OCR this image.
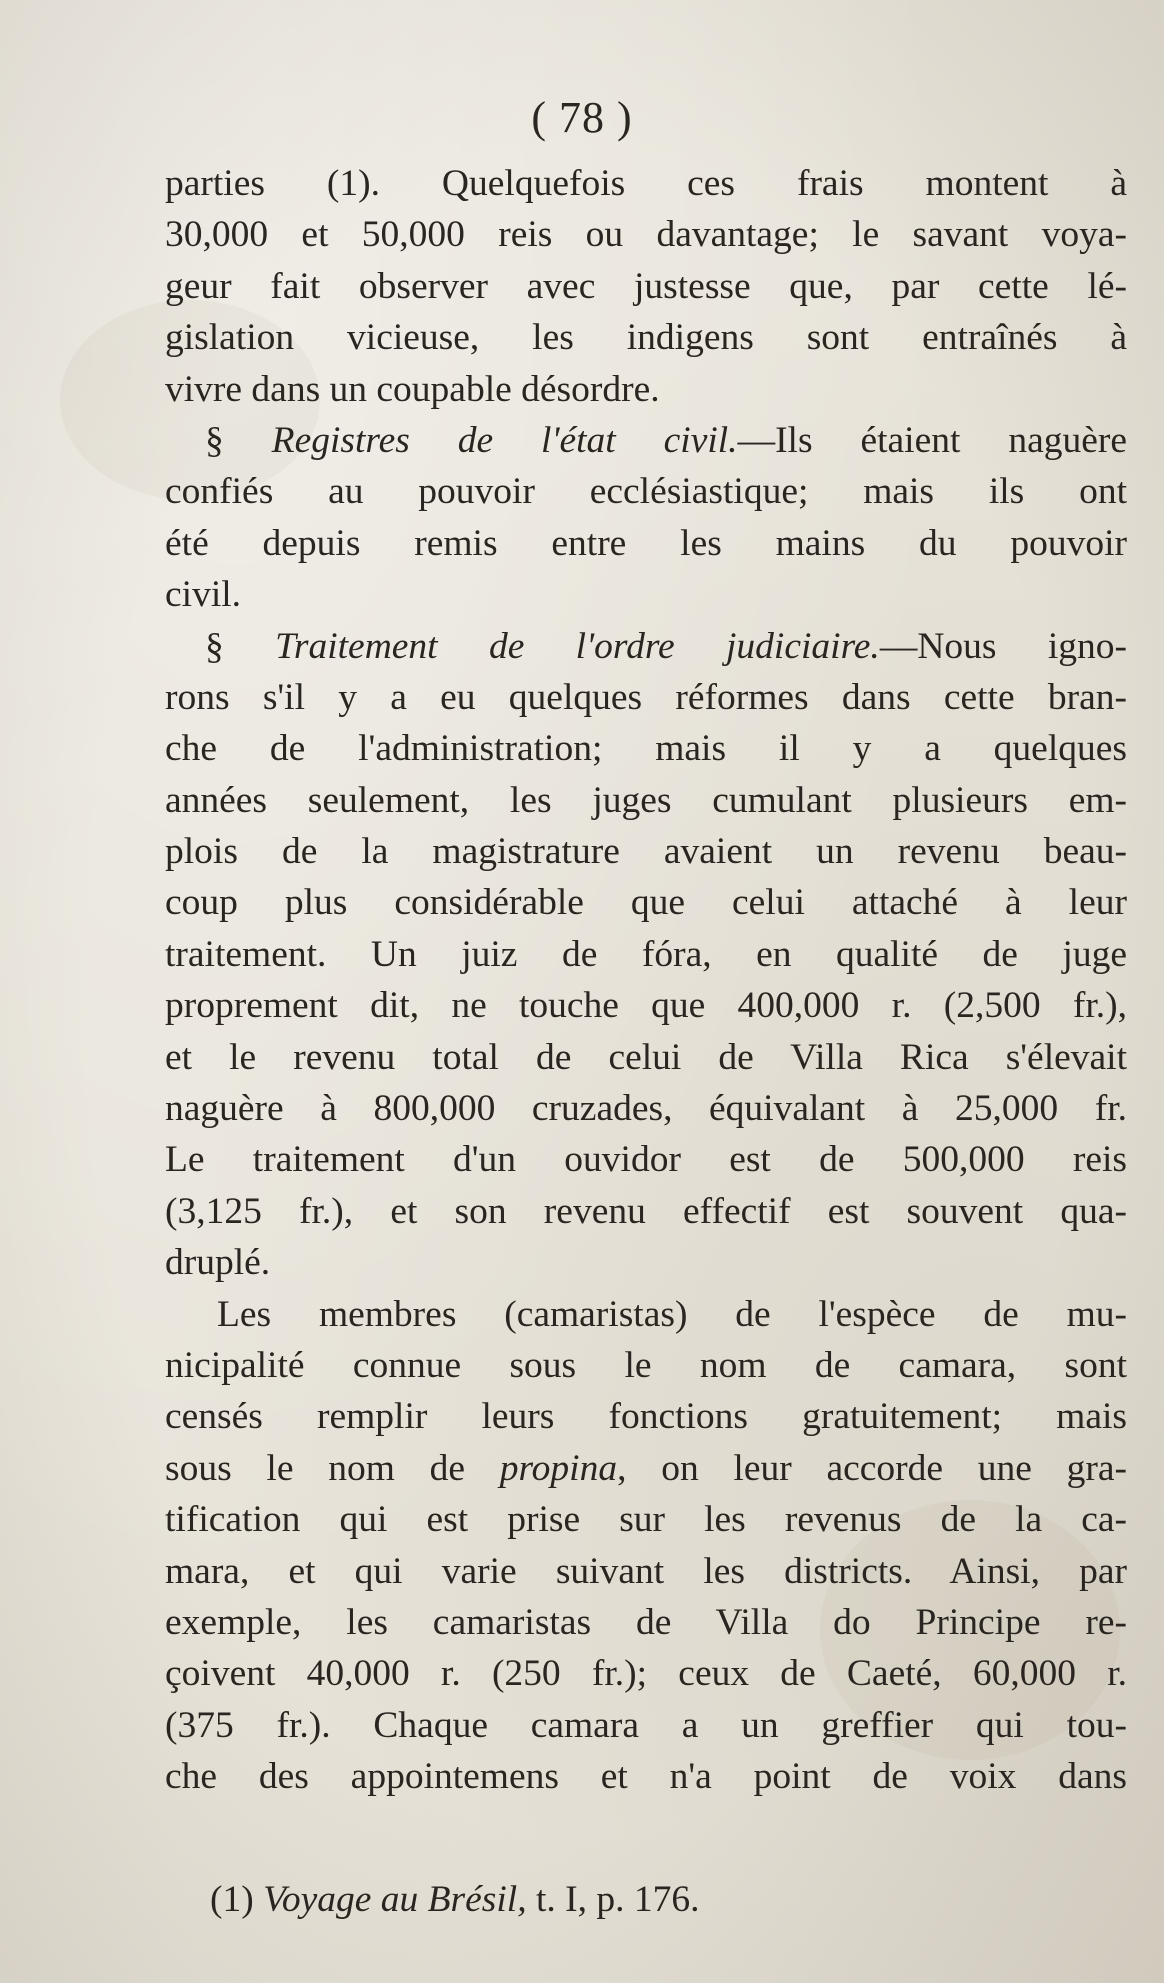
( 78 )
parties (1). Quelquefois ces frais montent à
30,000 et 50,000 reis ou davantage; le savant voya-
geur fait observer avec justesse que, par cette lé-
gislation vicieuse, les indigens sont entraînés à
vivre dans un coupable désordre.
§ Registres de l'état civil.—Ils étaient naguère
confiés au pouvoir ecclésiastique; mais ils ont
été depuis remis entre les mains du pouvoir
civil.
§ Traitement de l'ordre judiciaire.—Nous igno-
rons s'il y a eu quelques réformes dans cette bran-
che de l'administration; mais il y a quelques
années seulement, les juges cumulant plusieurs em-
plois de la magistrature avaient un revenu beau-
coup plus considérable que celui attaché à leur
traitement. Un juiz de fóra, en qualité de juge
proprement dit, ne touche que 400,000 r. (2,500 fr.),
et le revenu total de celui de Villa Rica s'élevait
naguère à 800,000 cruzades, équivalant à 25,000 fr.
Le traitement d'un ouvidor est de 500,000 reis
(3,125 fr.), et son revenu effectif est souvent qua-
druplé.
Les membres (camaristas) de l'espèce de mu-
nicipalité connue sous le nom de camara, sont
censés remplir leurs fonctions gratuitement; mais
sous le nom de propina, on leur accorde une gra-
tification qui est prise sur les revenus de la ca-
mara, et qui varie suivant les districts. Ainsi, par
exemple, les camaristas de Villa do Principe re-
çoivent 40,000 r. (250 fr.); ceux de Caeté, 60,000 r.
(375 fr.). Chaque camara a un greffier qui tou-
che des appointemens et n'a point de voix dans
(1) Voyage au Brésil, t. I, p. 176.
